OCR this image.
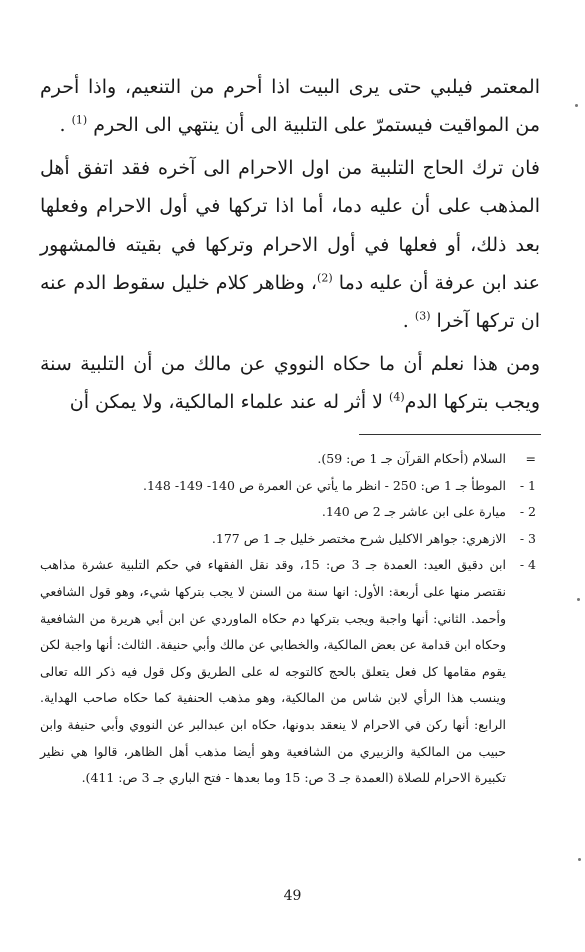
المعتمر فيلبي حتى يرى البيت اذا أحرم من التنعيم، واذا أحرم من المواقيت فيستمرّ على التلبية الى أن ينتهي الى الحرم $^{(1)}$ .

فان ترك الحاج التلبية من اول الاحرام الى آخره فقد اتفق أهل المذهب على أن عليه دما، أما اذا تركها في أول الاحرام وفعلها بعد ذلك، أو فعلها في أول الاحرام وتركها في بقيته فالمشهور عند ابن عرفة أن عليه دما $^{(2)}$، وظاهر كلام خليل سقوط الدم عنه ان تركها آخرا $^{(3)}$ .

ومن هذا نعلم أن ما حكاه النووي عن مالك من أن التلبية سنة ويجب بتركها الدم$^{(4)}$ لا أثر له عند علماء المالكية، ولا يمكن أن

=
السلام (أحكام القرآن جـ 1 ص: 59).
1 -
الموطأ جـ 1 ص: 250 - انظر ما يأتي عن العمرة ص 140- 149- 148.
2 -
ميارة على ابن عاشر جـ 2 ص 140.
3 -
الازهري: جواهر الاكليل شرح مختصر خليل جـ 1 ص 177.
4 -
ابن دقيق العيد: العمدة جـ 3 ص: 15، وقد نقل الفقهاء في حكم التلبية عشرة مذاهب نقتصر منها على أربعة: الأول: انها سنة من السنن لا يجب بتركها شيء، وهو قول الشافعي وأحمد. الثاني: أنها واجبة ويجب بتركها دم حكاه الماوردي عن ابن أبي هريرة من الشافعية وحكاه ابن قدامة عن بعض المالكية، والخطابي عن مالك وأبي حنيفة. الثالث: أنها واجبة لكن يقوم مقامها كل فعل يتعلق بالحج كالتوجه له على الطريق وكل قول فيه ذكر الله تعالى وينسب هذا الرأي لابن شاس من المالكية، وهو مذهب الحنفية كما حكاه صاحب الهداية. الرابع: أنها ركن في الاحرام لا ينعقد بدونها، حكاه ابن عبدالبر عن النووي وأبي حنيفة وابن حبيب من المالكية والزبيري من الشافعية وهو أيضا مذهب أهل الظاهر، قالوا هي نظير تكبيرة الاحرام للصلاة (العمدة جـ 3 ص: 15 وما بعدها - فتح الباري جـ 3 ص: 411).
49
